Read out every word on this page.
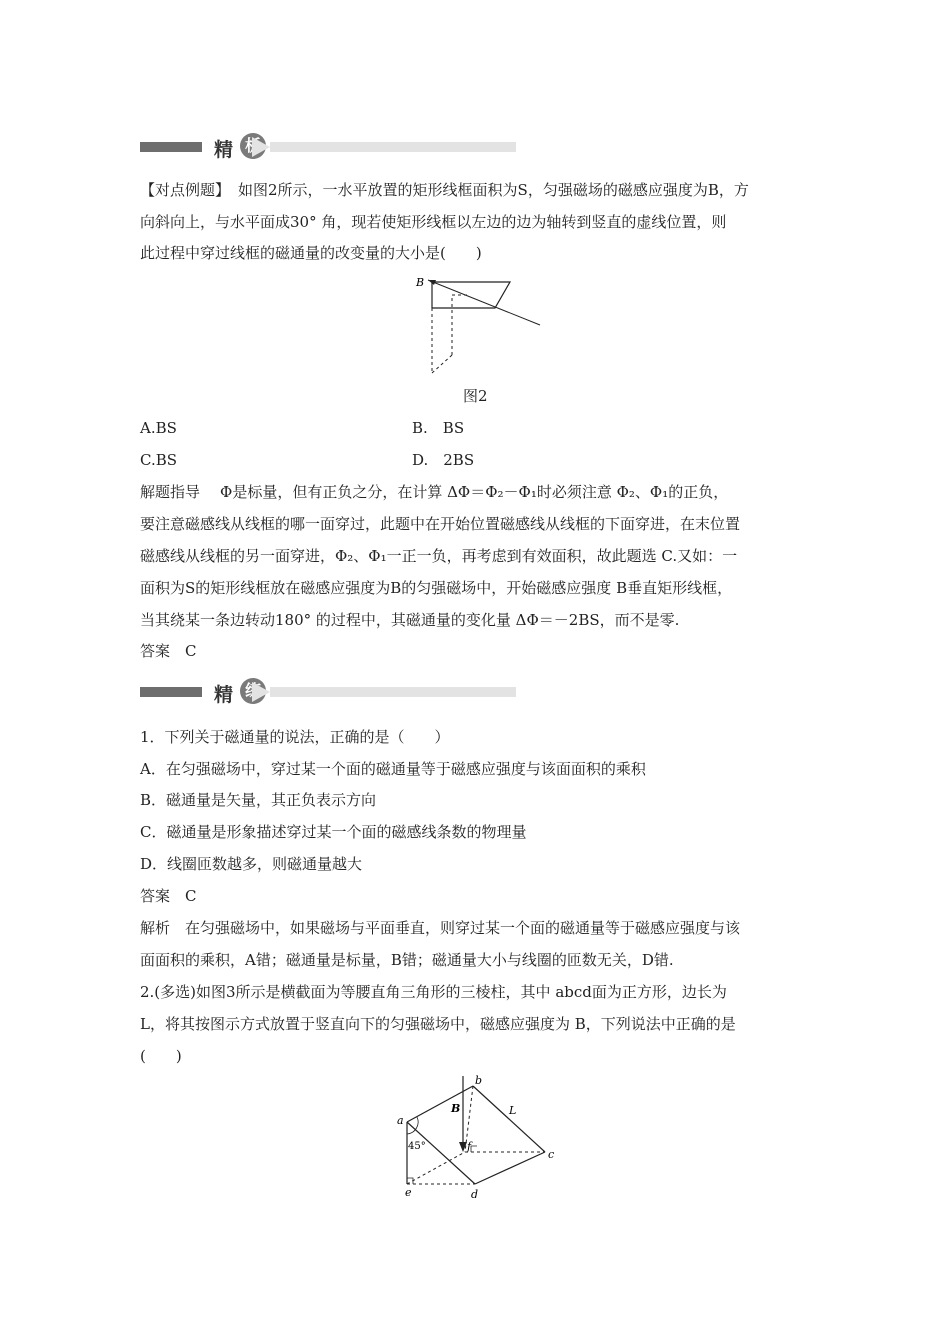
精 析
【对点例题】 如图2所示，一水平放置的矩形线框面积为S，匀强磁场的磁感应强度为B，方
向斜向上，与水平面成30° 角，现若使矩形线框以左边的边为轴转到竖直的虚线位置，则
此过程中穿过线框的磁通量的改变量的大小是(　　)
B
图2
A.BS	B.　BS
C.BS	D.　2BS
解题指导 Φ是标量，但有正负之分，在计算 ΔΦ＝Φ₂－Φ₁时必须注意 Φ₂、Φ₁的正负，
要注意磁感线从线框的哪一面穿过，此题中在开始位置磁感线从线框的下面穿进，在末位置
磁感线从线框的另一面穿进，Φ₂、Φ₁一正一负，再考虑到有效面积，故此题选 C.又如：一
面积为S的矩形线框放在磁感应强度为B的匀强磁场中，开始磁感应强度 B垂直矩形线框，
当其绕某一条边转动180° 的过程中，其磁通量的变化量 ΔΦ＝－2BS，而不是零.
答案　C
精 练
1．下列关于磁通量的说法，正确的是（　　）
A．在匀强磁场中，穿过某一个面的磁通量等于磁感应强度与该面面积的乘积
B．磁通量是矢量，其正负表示方向
C．磁通量是形象描述穿过某一个面的磁感线条数的物理量
D．线圈匝数越多，则磁通量越大
答案　C
解析　在匀强磁场中，如果磁场与平面垂直，则穿过某一个面的磁通量等于磁感应强度与该
面面积的乘积，A错；磁通量是标量，B错；磁通量大小与线圈的匝数无关，D错.
2.(多选)如图3所示是横截面为等腰直角三角形的三棱柱，其中 abcd面为正方形，边长为
L，将其按图示方式放置于竖直向下的匀强磁场中，磁感应强度为 B，下列说法中正确的是
(　　)
a
b
c
d
e
f
B	L
45°
